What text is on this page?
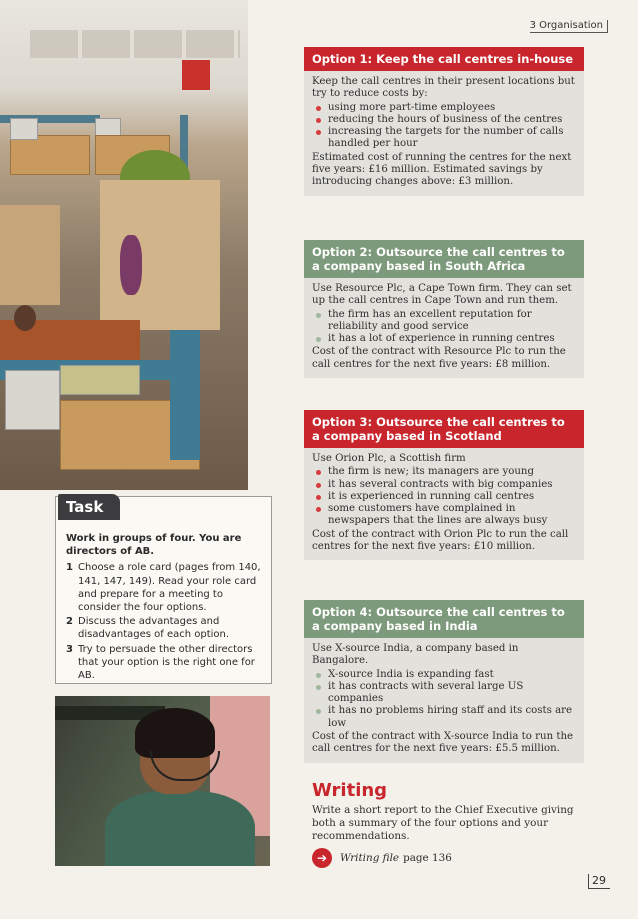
3 Organisation
Task

Work in groups of four. You are directors of AB.

1 Choose a role card (pages from 140, 141, 147, 149). Read your role card and prepare for a meeting to consider the four options.
2 Discuss the advantages and disadvantages of each option.
3 Try to persuade the other directors that your option is the right one for AB.
Option 1: Keep the call centres in-house

Keep the call centres in their present locations but try to reduce costs by:

using more part-time employees
reducing the hours of business of the centres
increasing the targets for the number of calls handled per hour

Estimated cost of running the centres for the next five years: £16 million. Estimated savings by introducing changes above: £3 million.

Option 2: Outsource the call centres to a company based in South Africa

Use Resource Plc, a Cape Town firm. They can set up the call centres in Cape Town and run them.

the firm has an excellent reputation for reliability and good service
it has a lot of experience in running centres

Cost of the contract with Resource Plc to run the call centres for the next five years: £8 million.

Option 3: Outsource the call centres to a company based in Scotland

Use Orion Plc, a Scottish firm

the firm is new; its managers are young
it has several contracts with big companies
it is experienced in running call centres
some customers have complained in newspapers that the lines are always busy

Cost of the contract with Orion Plc to run the call centres for the next five years: £10 million.

Option 4: Outsource the call centres to a company based in India

Use X-source India, a company based in Bangalore.

X-source India is expanding fast
it has contracts with several large US companies
it has no problems hiring staff and its costs are low

Cost of the contract with X-source India to run the call centres for the next five years: £5.5 million.

Writing

Write a short report to the Chief Executive giving both a summary of the four options and your recommendations.

➔	Writing file page 136
29
